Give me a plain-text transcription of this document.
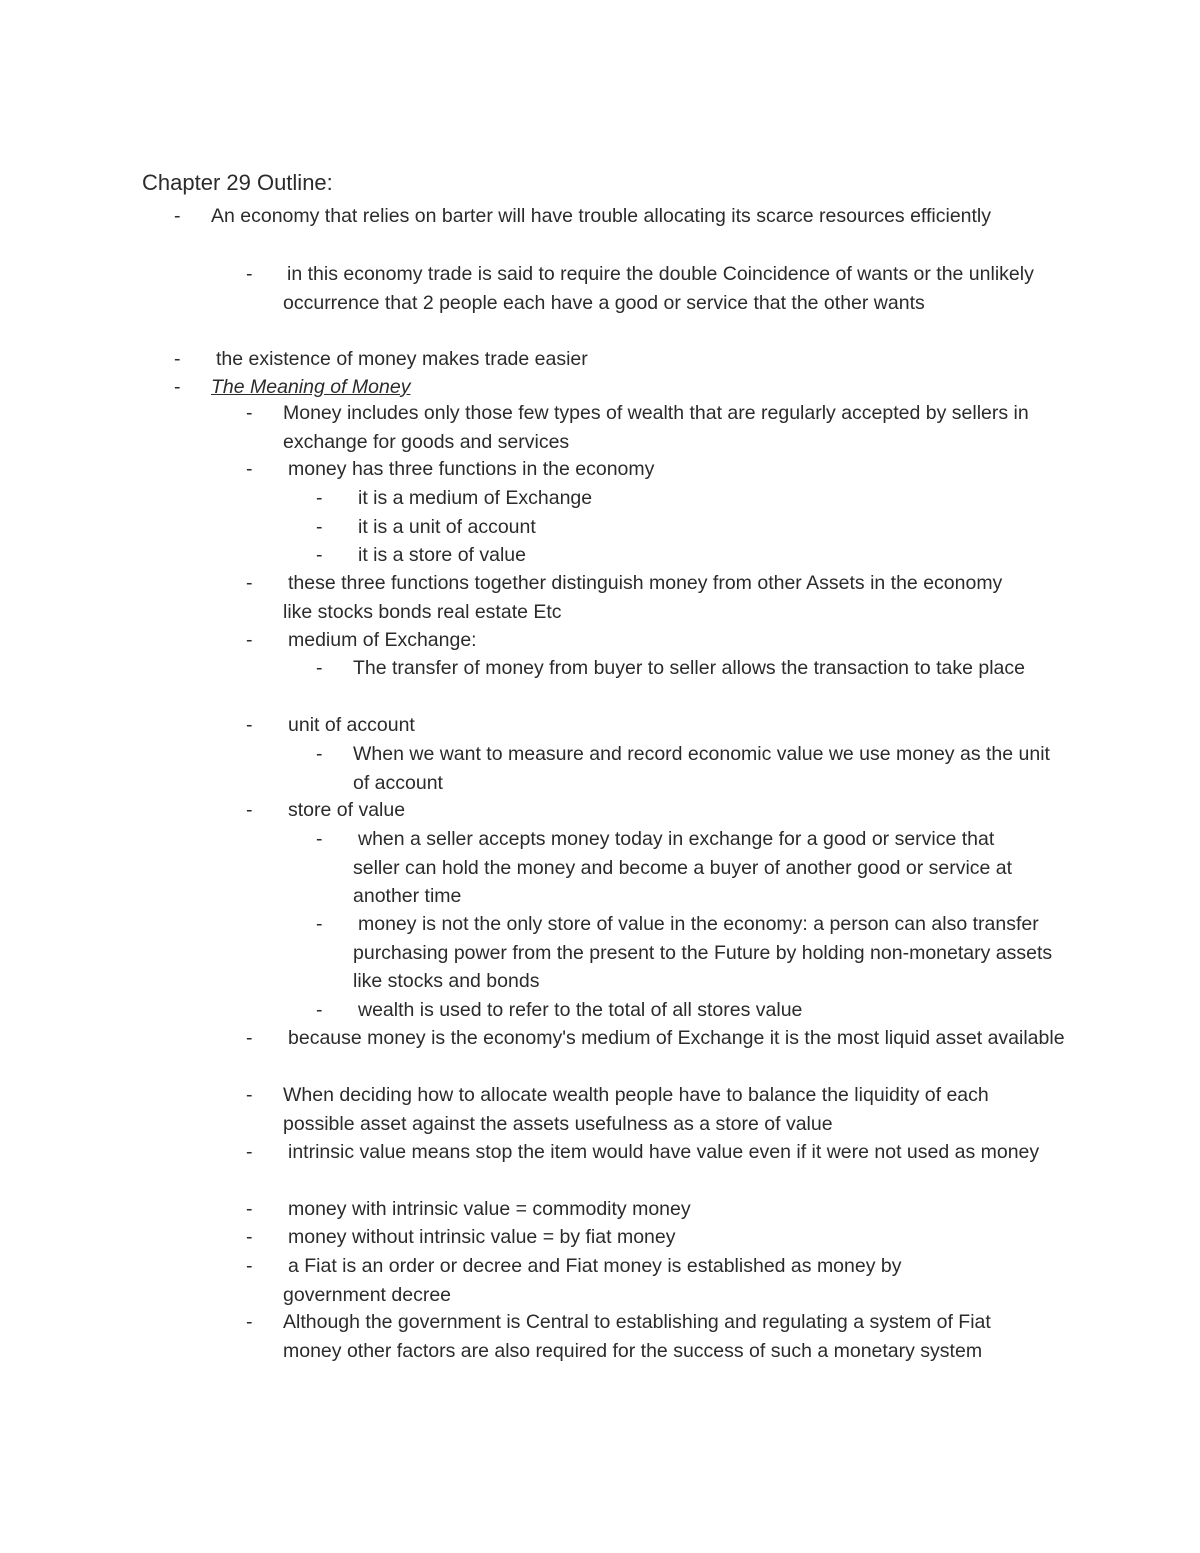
Chapter 29 Outline:
- An economy that relies on barter will have trouble allocating its scarce resources efficiently
- in this economy trade is said to require the double Coincidence of wants or the unlikely occurrence that 2 people each have a good or service that the other wants
- the existence of money makes trade easier
- The Meaning of Money
- Money includes only those few types of wealth that are regularly accepted by sellers in exchange for goods and services
- money has three functions in the economy
- it is a medium of Exchange
- it is a unit of account
- it is a store of value
- these three functions together distinguish money from other Assets in the economy like stocks bonds real estate Etc
- medium of Exchange:
- The transfer of money from buyer to seller allows the transaction to take place
- unit of account
- When we want to measure and record economic value we use money as the unit of account
- store of value
- when a seller accepts money today in exchange for a good or service that seller can hold the money and become a buyer of another good or service at another time
- money is not the only store of value in the economy: a person can also transfer purchasing power from the present to the Future by holding non-monetary assets like stocks and bonds
- wealth is used to refer to the total of all stores value
- because money is the economy's medium of Exchange it is the most liquid asset available
- When deciding how to allocate wealth people have to balance the liquidity of each possible asset against the assets usefulness as a store of value
- intrinsic value means stop the item would have value even if it were not used as money
- money with intrinsic value = commodity money
- money without intrinsic value = by fiat money
- a Fiat is an order or decree and Fiat money is established as money by government decree
- Although the government is Central to establishing and regulating a system of Fiat money other factors are also required for the success of such a monetary system
